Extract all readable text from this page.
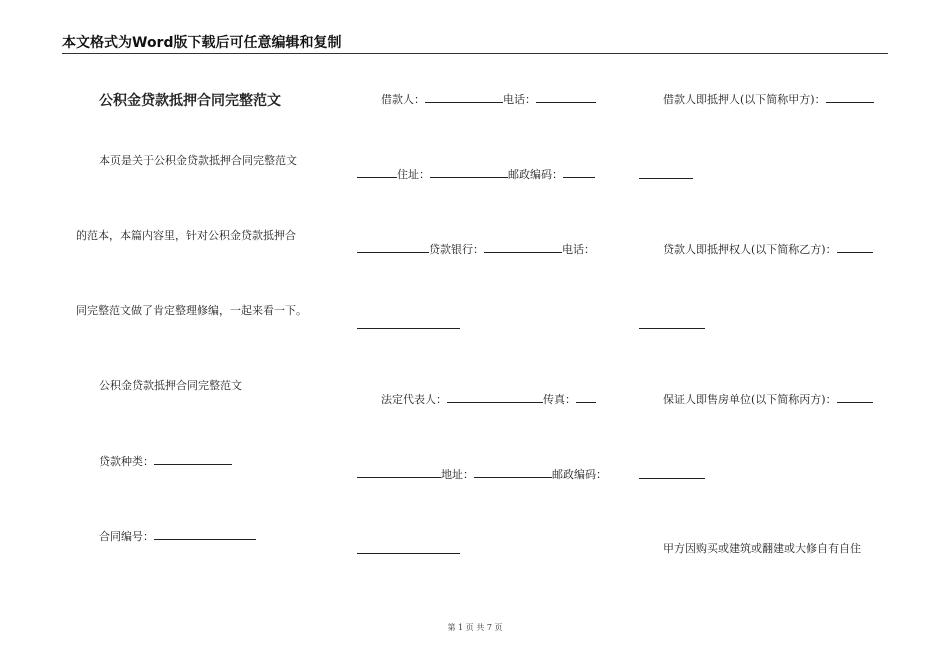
本文格式为Word版下载后可任意编辑和复制
公积金贷款抵押合同完整范文
本页是关于公积金贷款抵押合同完整范文
的范本，本篇内容里，针对公积金贷款抵押合
同完整范文做了肯定整理修编，一起来看一下。
公积金贷款抵押合同完整范文
贷款种类：
合同编号：
借款人：	电话：
住址：	邮政编码：
贷款银行：	电话：
法定代表人：	传真：
地址：	邮政编码：
借款人即抵押人(以下简称甲方)：
贷款人即抵押权人(以下简称乙方)：
保证人即售房单位(以下简称丙方)：
甲方因购买或建筑或翻建或大修自有自住
第 1 页 共 7 页
